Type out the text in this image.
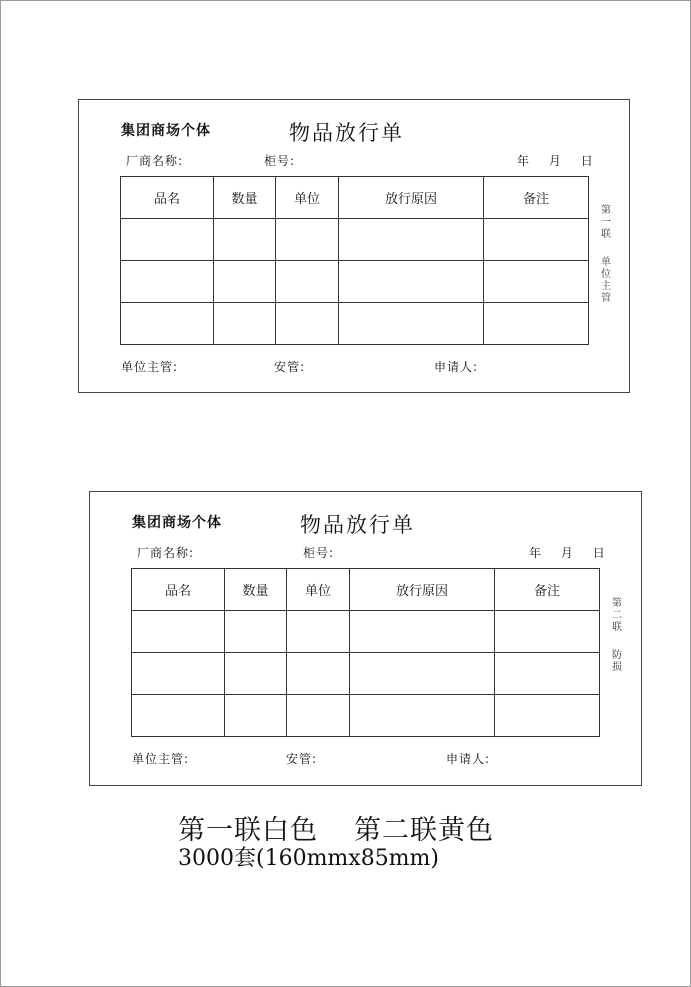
集团商场个体	物品放行单
厂商名称:	柜号:	年 月 日
品名	数量	单位	放行原因	备注

第
一
联
单
位
主
管
单位主管:	安管:	申请人:
集团商场个体	物品放行单
厂商名称:	柜号:	年 月 日
品名	数量	单位	放行原因	备注

第
二
联
防
损
单位主管:	安管:	申请人:
第一联白色 第二联黄色
3000套(160mmx85mm)
